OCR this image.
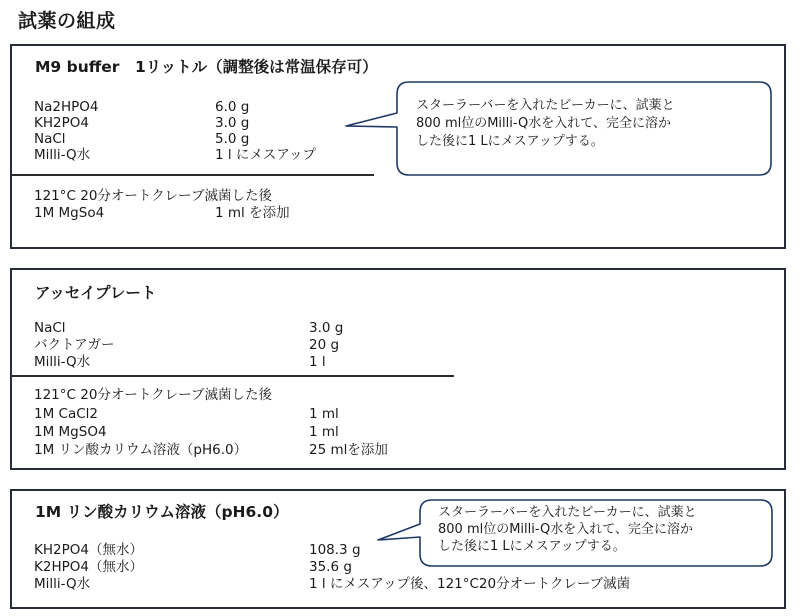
試薬の組成
M9 buffer　1リットル（調整後は常温保存可）
Na2HPO4	6.0 g
KH2PO4	3.0 g
NaCl	5.0 g
Milli-Q水	1 l にメスアップ
121°C 20分オートクレーブ滅菌した後
1M MgSo4	1 ml を添加
スターラーバーを入れたビーカーに、試薬と
800 ml位のMilli-Q水を入れて、完全に溶か
した後に1 Lにメスアップする。
アッセイプレート
NaCl	3.0 g
バクトアガー	20 g
Milli-Q水	1 l
121°C 20分オートクレーブ滅菌した後
1M CaCl2	1 ml
1M MgSO4	1 ml
1M リン酸カリウム溶液（pH6.0）	25 mlを添加
1M リン酸カリウム溶液（pH6.0）
KH2PO4（無水）	108.3 g
K2HPO4（無水）	35.6 g
Milli-Q水	1 l にメスアップ後、121°C20分オートクレーブ滅菌
スターラーバーを入れたビーカーに、試薬と
800 ml位のMilli-Q水を入れて、完全に溶か
した後に1 Lにメスアップする。
